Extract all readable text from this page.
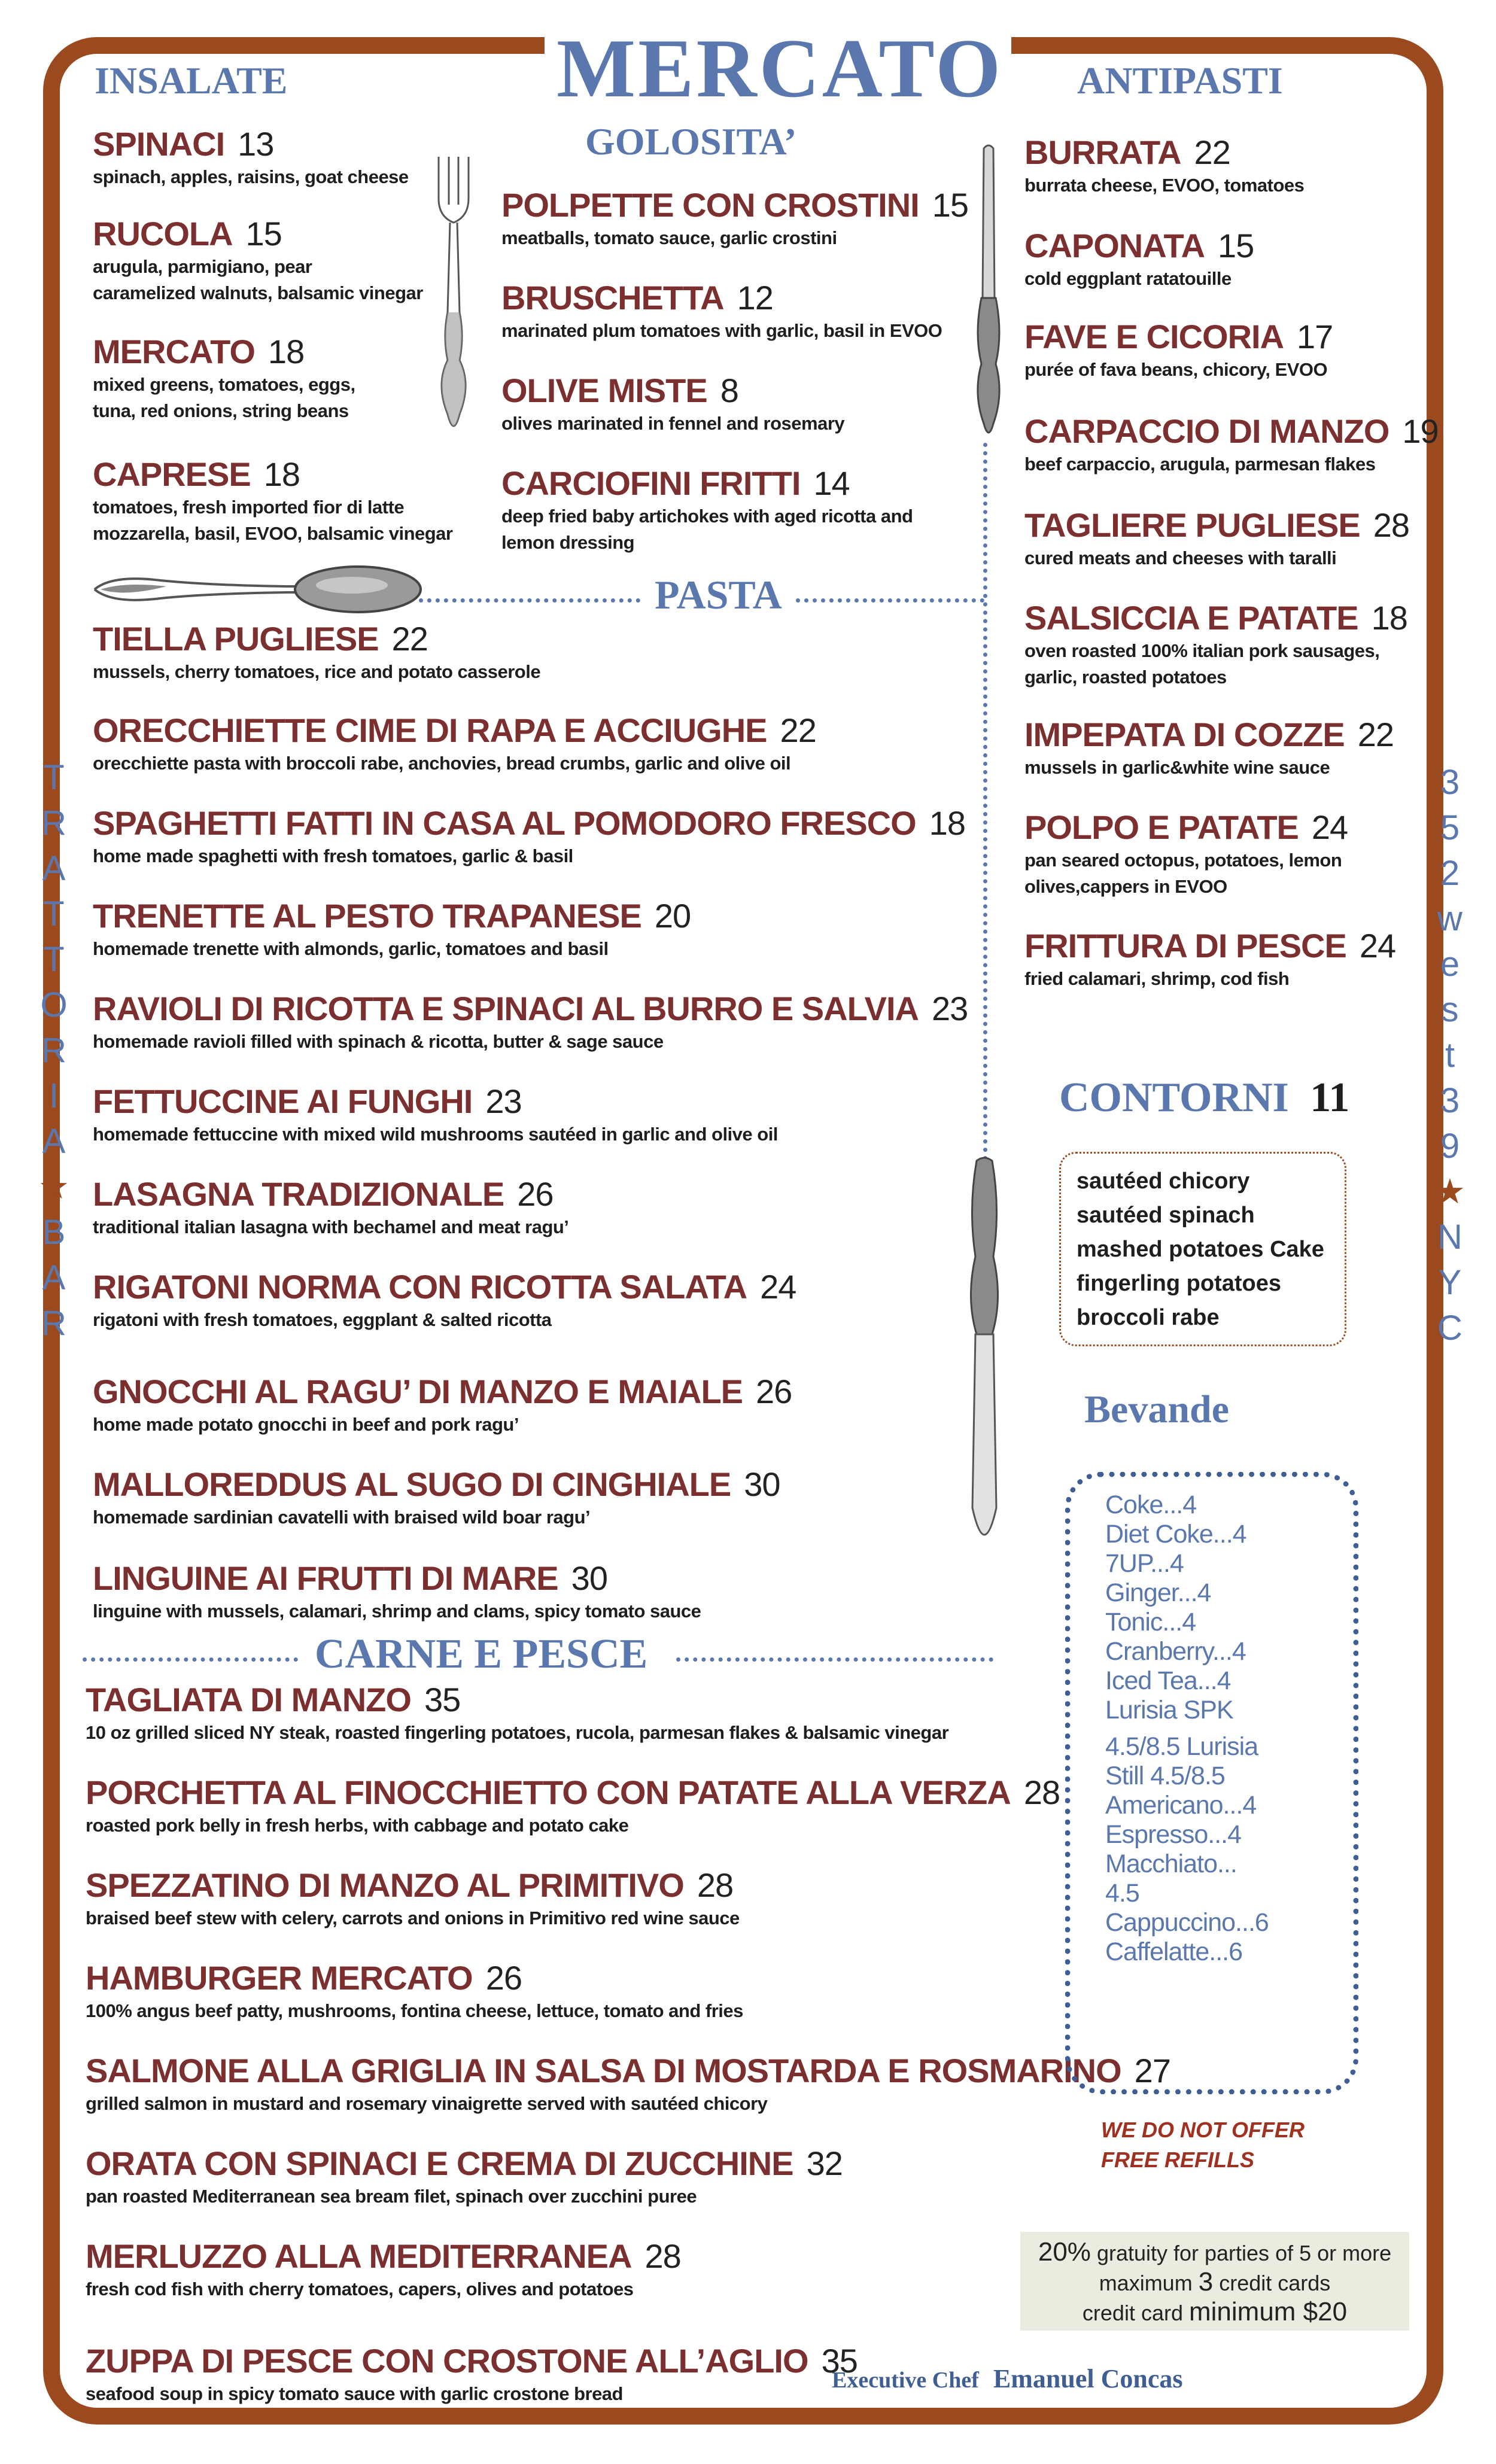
MERCATO
INSALATE	ANTIPASTI
GOLOSITA’
PASTA
CARNE E PESCE
CONTORNI 11
Bevande
T
R
A
T
T
O
R
I
A
★
B
A
R
3
5
2
w
e
s
t
3
9
★
N
Y
C
SPINACI 13
spinach, apples, raisins, goat cheese
RUCOLA 15
arugula, parmigiano, pear
caramelized walnuts, balsamic vinegar
MERCATO 18
mixed greens, tomatoes, eggs,
tuna, red onions, string beans
CAPRESE 18
tomatoes, fresh imported fior di latte
mozzarella, basil, EVOO, balsamic vinegar
POLPETTE CON CROSTINI 15
meatballs, tomato sauce, garlic crostini
BRUSCHETTA 12
marinated plum tomatoes with garlic, basil in EVOO
OLIVE MISTE 8
olives marinated in fennel and rosemary
CARCIOFINI FRITTI 14
deep fried baby artichokes with aged ricotta and
lemon dressing
BURRATA 22
burrata cheese, EVOO, tomatoes
CAPONATA 15
cold eggplant ratatouille
FAVE E CICORIA 17
purée of fava beans, chicory, EVOO
CARPACCIO DI MANZO 19
beef carpaccio, arugula, parmesan flakes
TAGLIERE PUGLIESE 28
cured meats and cheeses with taralli
SALSICCIA E PATATE 18
oven roasted 100% italian pork sausages,
garlic, roasted potatoes
IMPEPATA DI COZZE 22
mussels in garlic&white wine sauce
POLPO E PATATE 24
pan seared octopus, potatoes, lemon
olives,cappers in EVOO
FRITTURA DI PESCE 24
fried calamari, shrimp, cod fish
TIELLA PUGLIESE 22
mussels, cherry tomatoes, rice and potato casserole
ORECCHIETTE CIME DI RAPA E ACCIUGHE 22
orecchiette pasta with broccoli rabe, anchovies, bread crumbs, garlic and olive oil
SPAGHETTI FATTI IN CASA AL POMODORO FRESCO 18
home made spaghetti with fresh tomatoes, garlic & basil
TRENETTE AL PESTO TRAPANESE 20
homemade trenette with almonds, garlic, tomatoes and basil
RAVIOLI DI RICOTTA E SPINACI AL BURRO E SALVIA 23
homemade ravioli filled with spinach & ricotta, butter & sage sauce
FETTUCCINE AI FUNGHI 23
homemade fettuccine with mixed wild mushrooms sautéed in garlic and olive oil
LASAGNA TRADIZIONALE 26
traditional italian lasagna with bechamel and meat ragu’
RIGATONI NORMA CON RICOTTA SALATA 24
rigatoni with fresh tomatoes, eggplant & salted ricotta
GNOCCHI AL RAGU’ DI MANZO E MAIALE 26
home made potato gnocchi in beef and pork ragu’
MALLOREDDUS AL SUGO DI CINGHIALE 30
homemade sardinian cavatelli with braised wild boar ragu’
LINGUINE AI FRUTTI DI MARE 30
linguine with mussels, calamari, shrimp and clams, spicy tomato sauce
TAGLIATA DI MANZO 35
10 oz grilled sliced NY steak, roasted fingerling potatoes, rucola, parmesan flakes & balsamic vinegar
PORCHETTA AL FINOCCHIETTO CON PATATE ALLA VERZA 28
roasted pork belly in fresh herbs, with cabbage and potato cake
SPEZZATINO DI MANZO AL PRIMITIVO 28
braised beef stew with celery, carrots and onions in Primitivo red wine sauce
HAMBURGER MERCATO 26
100% angus beef patty, mushrooms, fontina cheese, lettuce, tomato and fries
SALMONE ALLA GRIGLIA IN SALSA DI MOSTARDA E ROSMARINO 27
grilled salmon in mustard and rosemary vinaigrette served with sautéed chicory
ORATA CON SPINACI E CREMA DI ZUCCHINE 32
pan roasted Mediterranean sea bream filet, spinach over zucchini puree
MERLUZZO ALLA MEDITERRANEA 28
fresh cod fish with cherry tomatoes, capers, olives and potatoes
ZUPPA DI PESCE CON CROSTONE ALL’AGLIO 35
seafood soup in spicy tomato sauce with garlic crostone bread
sautéed chicory
sautéed spinach
mashed potatoes Cake
fingerling potatoes
broccoli rabe
Coke...4
Diet Coke...4
7UP...4
Ginger...4
Tonic...4
Cranberry...4
Iced Tea...4
Lurisia SPK
4.5/8.5 Lurisia
Still 4.5/8.5
Americano...4
Espresso...4
Macchiato...
4.5
Cappuccino...6
Caffelatte...6
WE DO NOT OFFER
FREE REFILLS
20% gratuity for parties of 5 or more
maximum 3 credit cards
credit card minimum $20
Executive Chef Emanuel Concas
